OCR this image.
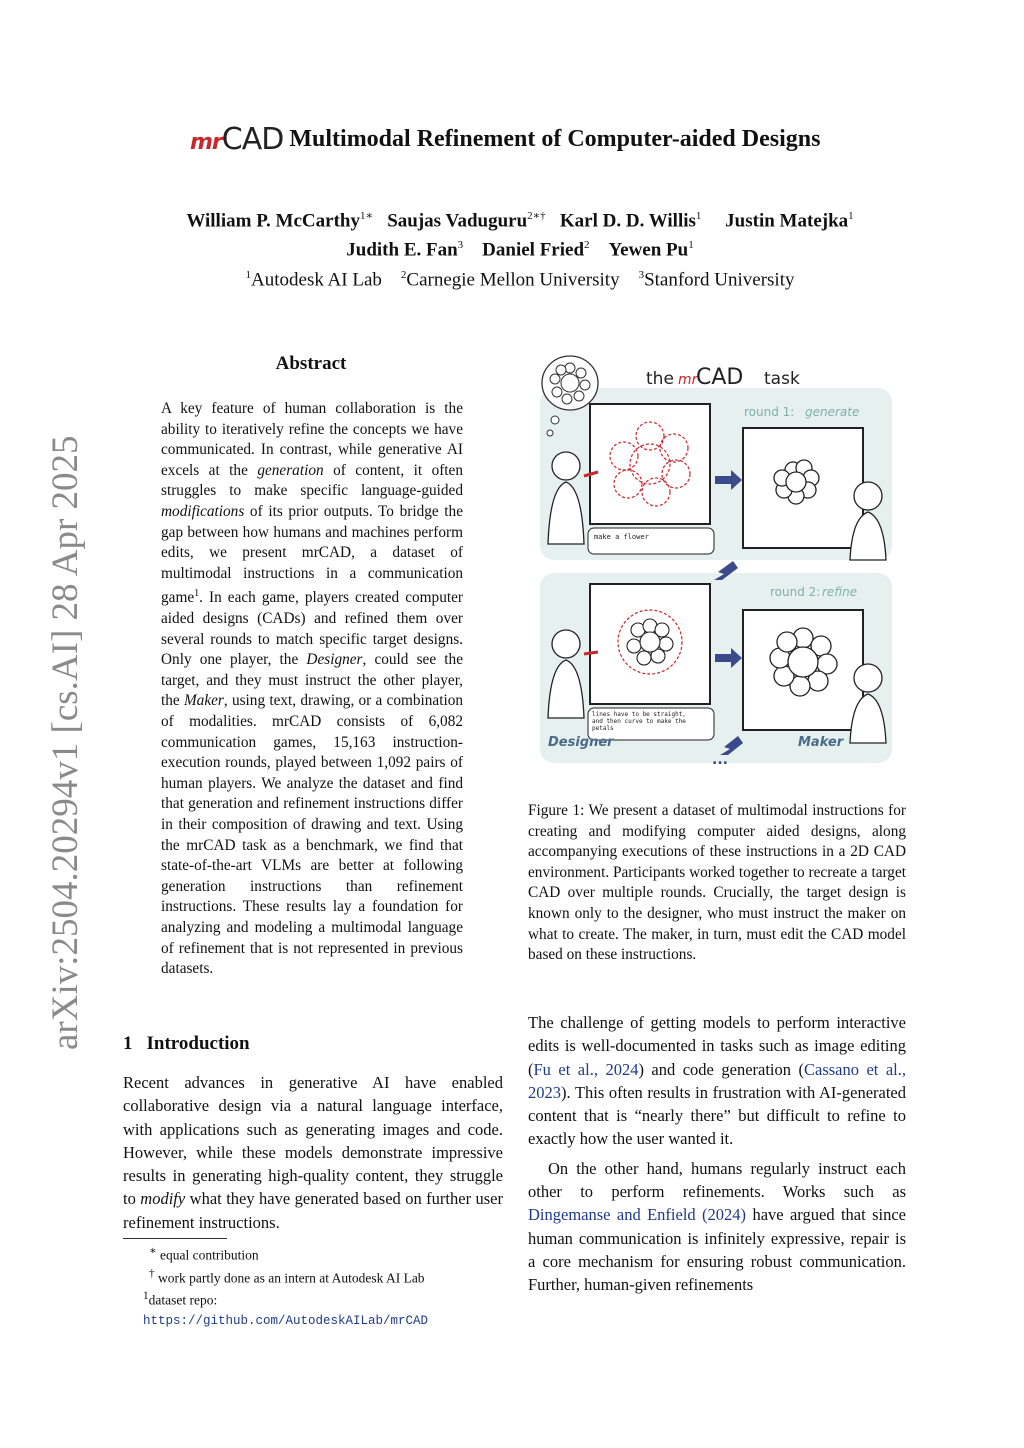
arXiv:2504.20294v1 [cs.AI] 28 Apr 2025
mrCAD Multimodal Refinement of Computer-aided Designs
William P. McCarthy$^{1∗}$ Saujas Vaduguru$^{2∗\dagger}$ Karl D. D. Willis$^1$ Justin Matejka$^1$
Judith E. Fan$^3$ Daniel Fried$^2$ Yewen Pu$^1$
$^1$Autodesk AI Lab $^2$Carnegie Mellon University $^3$Stanford University
Abstract
A key feature of human collaboration is the ability to iteratively refine the concepts we have communicated. In contrast, while generative AI excels at the generation of content, it often struggles to make specific language-guided modifications of its prior outputs. To bridge the gap between how humans and machines perform edits, we present mrCAD, a dataset of multimodal instructions in a communication game$^1$. In each game, players created computer aided designs (CADs) and refined them over several rounds to match specific target designs. Only one player, the Designer, could see the target, and they must instruct the other player, the Maker, using text, drawing, or a combination of modalities. mrCAD consists of 6,082 communication games, 15,163 instruction-execution rounds, played between 1,092 pairs of human players. We analyze the dataset and find that generation and refinement instructions differ in their composition of drawing and text. Using the mrCAD task as a benchmark, we find that state-of-the-art VLMs are better at following generation instructions than refinement instructions. These results lay a foundation for analyzing and modeling a multimodal language of refinement that is not represented in previous datasets.
1 Introduction
Recent advances in generative AI have enabled collaborative design via a natural language interface, with applications such as generating images and code. However, while these models demonstrate impressive results in generating high-quality content, they struggle to modify what they have generated based on further user refinement instructions.
∗ equal contribution
† work partly done as an intern at Autodesk AI Lab
$^1$dataset repo: https://github.com/AutodeskAILab/mrCAD
the mr
CAD task
round 1: generate
round 2: refine
make a flower
lines have to be straight,
and then curve to make the
petals
Designer	Maker
...
Figure 1: We present a dataset of multimodal instructions for creating and modifying computer aided designs, along accompanying executions of these instructions in a 2D CAD environment. Participants worked together to recreate a target CAD over multiple rounds. Crucially, the target design is known only to the designer, who must instruct the maker on what to create. The maker, in turn, must edit the CAD model based on these instructions.

The challenge of getting models to perform interactive edits is well-documented in tasks such as image editing (Fu et al., 2024) and code generation (Cassano et al., 2023). This often results in frustration with AI-generated content that is “nearly there” but difficult to refine to exactly how the user wanted it.

On the other hand, humans regularly instruct each other to perform refinements. Works such as Dingemanse and Enfield (2024) have argued that since human communication is infinitely expressive, repair is a core mechanism for ensuring robust communication. Further, human-given refinements
